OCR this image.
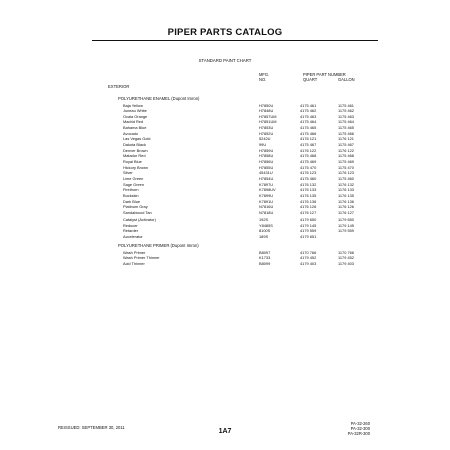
PIPER PARTS CATALOG
STANDARD PAINT CHART
MFG.
NO.
PIPER PART NUMBER
QUART	GALLON
EXTERIOR
POLYURETHANE ENAMEL (Dupont Imron)
POLYURETHANE PRIMER (Dupont Imron)
Baja Yellow	H7850U	4175 461	1175 461
Juneau White	H7848U	4175 462	1175 462
Ocala Orange	H7857UM	4175 463	1175 463
Madrid Red	H7851UM	4175 464	1175 464
Bahama Blue	H7853U	4175 465	1175 465
Avocado	H7852U	4175 466	1175 466
Las Vegas Gold	5242U	4176 121	1176 121
Dakota Black	99U	4175 467	1175 467
Denver Brown	H7859U	4176 122	1176 122
Matador Red	H7858U	4175 468	1175 468
Royal Blue	H7856U	4175 469	1175 469
Hickory Brown	H7855U	4175 470	1175 470
Silver	45431U	4176 123	1176 123
Lime Green	H7854U	4175 460	1175 460
Sage Green	K7897U	4176 132	1176 132
Firethorn	K7898UV	4176 133	1176 133
Buckskin	K7899U	4176 135	1176 135
Dark Blue	K7891U	4176 136	1176 136
Platinum Gray	N7816U	4176 126	1176 126
Sandalwood Tan	N7818U	4176 127	1176 127
Catalyst (Activator)	192S	4179 650	1179 650
Reducer	Y8485S	4179 145	1179 145
Retarder	8100S	4179 559	1179 559
Accelerator	189S	4179 651
Wash Primer	B8097	4170 766	1170 766
Wash Primer Thinner	K1733	4179 452	1179 452
Acid Thinner	B8099	4179 403	1179 403
REISSUED: SEPTEMBER 30, 2011
1A7
PA-32-260
PA-32-300
PA-32R-300
